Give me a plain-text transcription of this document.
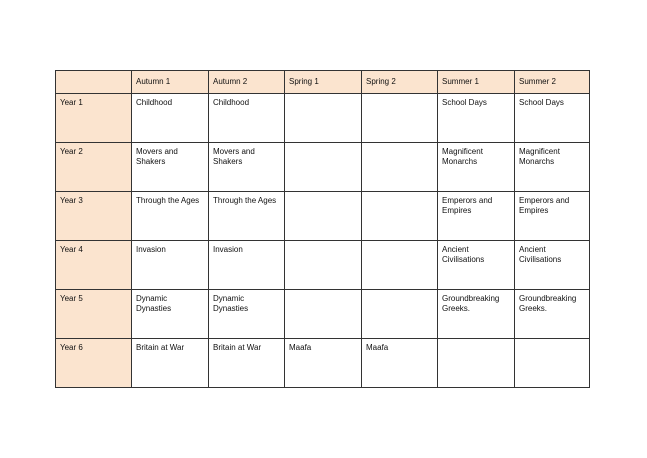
	Autumn 1	Autumn 2	Spring 1	Spring 2	Summer 1	Summer 2
Year 1	Childhood	Childhood			School Days	School Days
Year 2	Movers and Shakers	Movers and Shakers			Magnificent Monarchs	Magnificent Monarchs
Year 3	Through the Ages	Through the Ages			Emperors and Empires	Emperors and Empires
Year 4	Invasion	Invasion			Ancient Civilisations	Ancient Civilisations
Year 5	Dynamic Dynasties	Dynamic Dynasties			Groundbreaking Greeks.	Groundbreaking Greeks.
Year 6	Britain at War	Britain at War	Maafa	Maafa		
